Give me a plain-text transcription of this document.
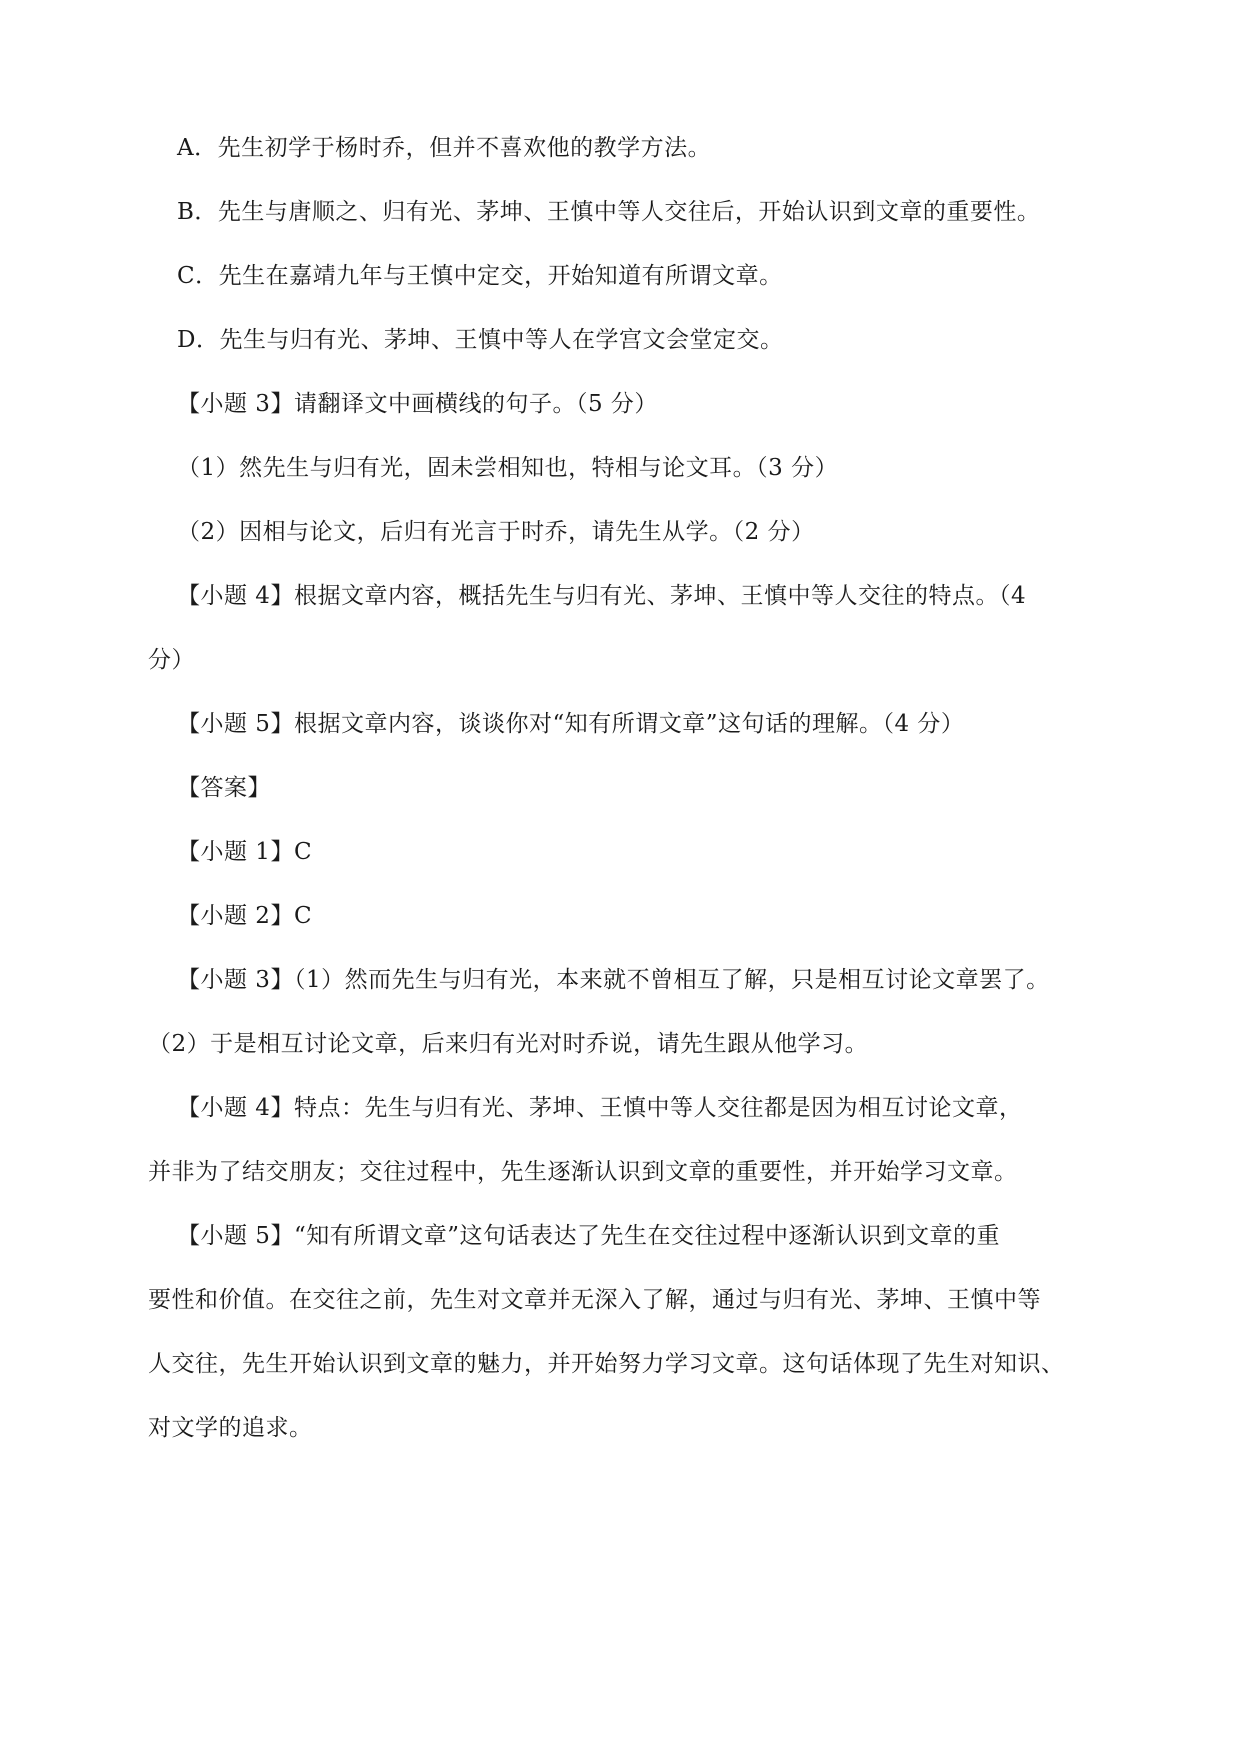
A．先生初学于杨时乔，但并不喜欢他的教学方法。
B．先生与唐顺之、归有光、茅坤、王慎中等人交往后，开始认识到文章的重要性。
C．先生在嘉靖九年与王慎中定交，开始知道有所谓文章。
D．先生与归有光、茅坤、王慎中等人在学宫文会堂定交。
【小题 3】请翻译文中画横线的句子。（5 分）
（1）然先生与归有光，固未尝相知也，特相与论文耳。（3 分）
（2）因相与论文，后归有光言于时乔，请先生从学。（2 分）
【小题 4】根据文章内容，概括先生与归有光、茅坤、王慎中等人交往的特点。（4
分）
【小题 5】根据文章内容，谈谈你对“知有所谓文章”这句话的理解。（4 分）
【答案】
【小题 1】C
【小题 2】C
【小题 3】（1）然而先生与归有光，本来就不曾相互了解，只是相互讨论文章罢了。
（2）于是相互讨论文章，后来归有光对时乔说，请先生跟从他学习。
【小题 4】特点：先生与归有光、茅坤、王慎中等人交往都是因为相互讨论文章，
并非为了结交朋友；交往过程中，先生逐渐认识到文章的重要性，并开始学习文章。
【小题 5】“知有所谓文章”这句话表达了先生在交往过程中逐渐认识到文章的重
要性和价值。在交往之前，先生对文章并无深入了解，通过与归有光、茅坤、王慎中等
人交往，先生开始认识到文章的魅力，并开始努力学习文章。这句话体现了先生对知识、
对文学的追求。
